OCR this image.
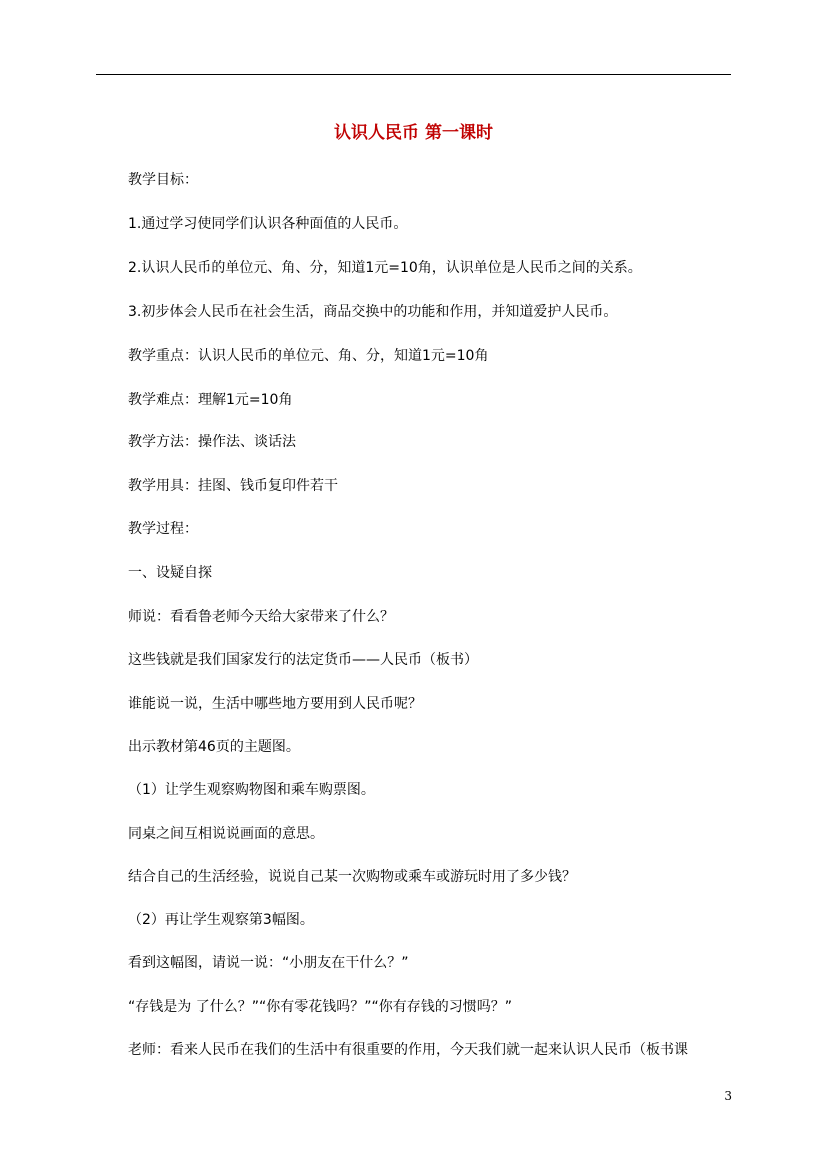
认识人民币 第一课时
教学目标：
1.通过学习使同学们认识各种面值的人民币。
2.认识人民币的单位元、角、分，知道1元=10角，认识单位是人民币之间的关系。
3.初步体会人民币在社会生活，商品交换中的功能和作用，并知道爱护人民币。
教学重点：认识人民币的单位元、角、分，知道1元=10角
教学难点：理解1元=10角
教学方法：操作法、谈话法
教学用具：挂图、钱币复印件若干
教学过程：
一、设疑自探
师说：看看鲁老师今天给大家带来了什么？
这些钱就是我们国家发行的法定货币——人民币（板书）
谁能说一说，生活中哪些地方要用到人民币呢？
出示教材第46页的主题图。
（1）让学生观察购物图和乘车购票图。
同桌之间互相说说画面的意思。
结合自己的生活经验，说说自己某一次购物或乘车或游玩时用了多少钱？
（2）再让学生观察第3幅图。
看到这幅图，请说一说：“小朋友在干什么？”
“存钱是为 了什么？”“你有零花钱吗？”“你有存钱的习惯吗？”
老师：看来人民币在我们的生活中有很重要的作用，今天我们就一起来认识人民币（板书课
3
